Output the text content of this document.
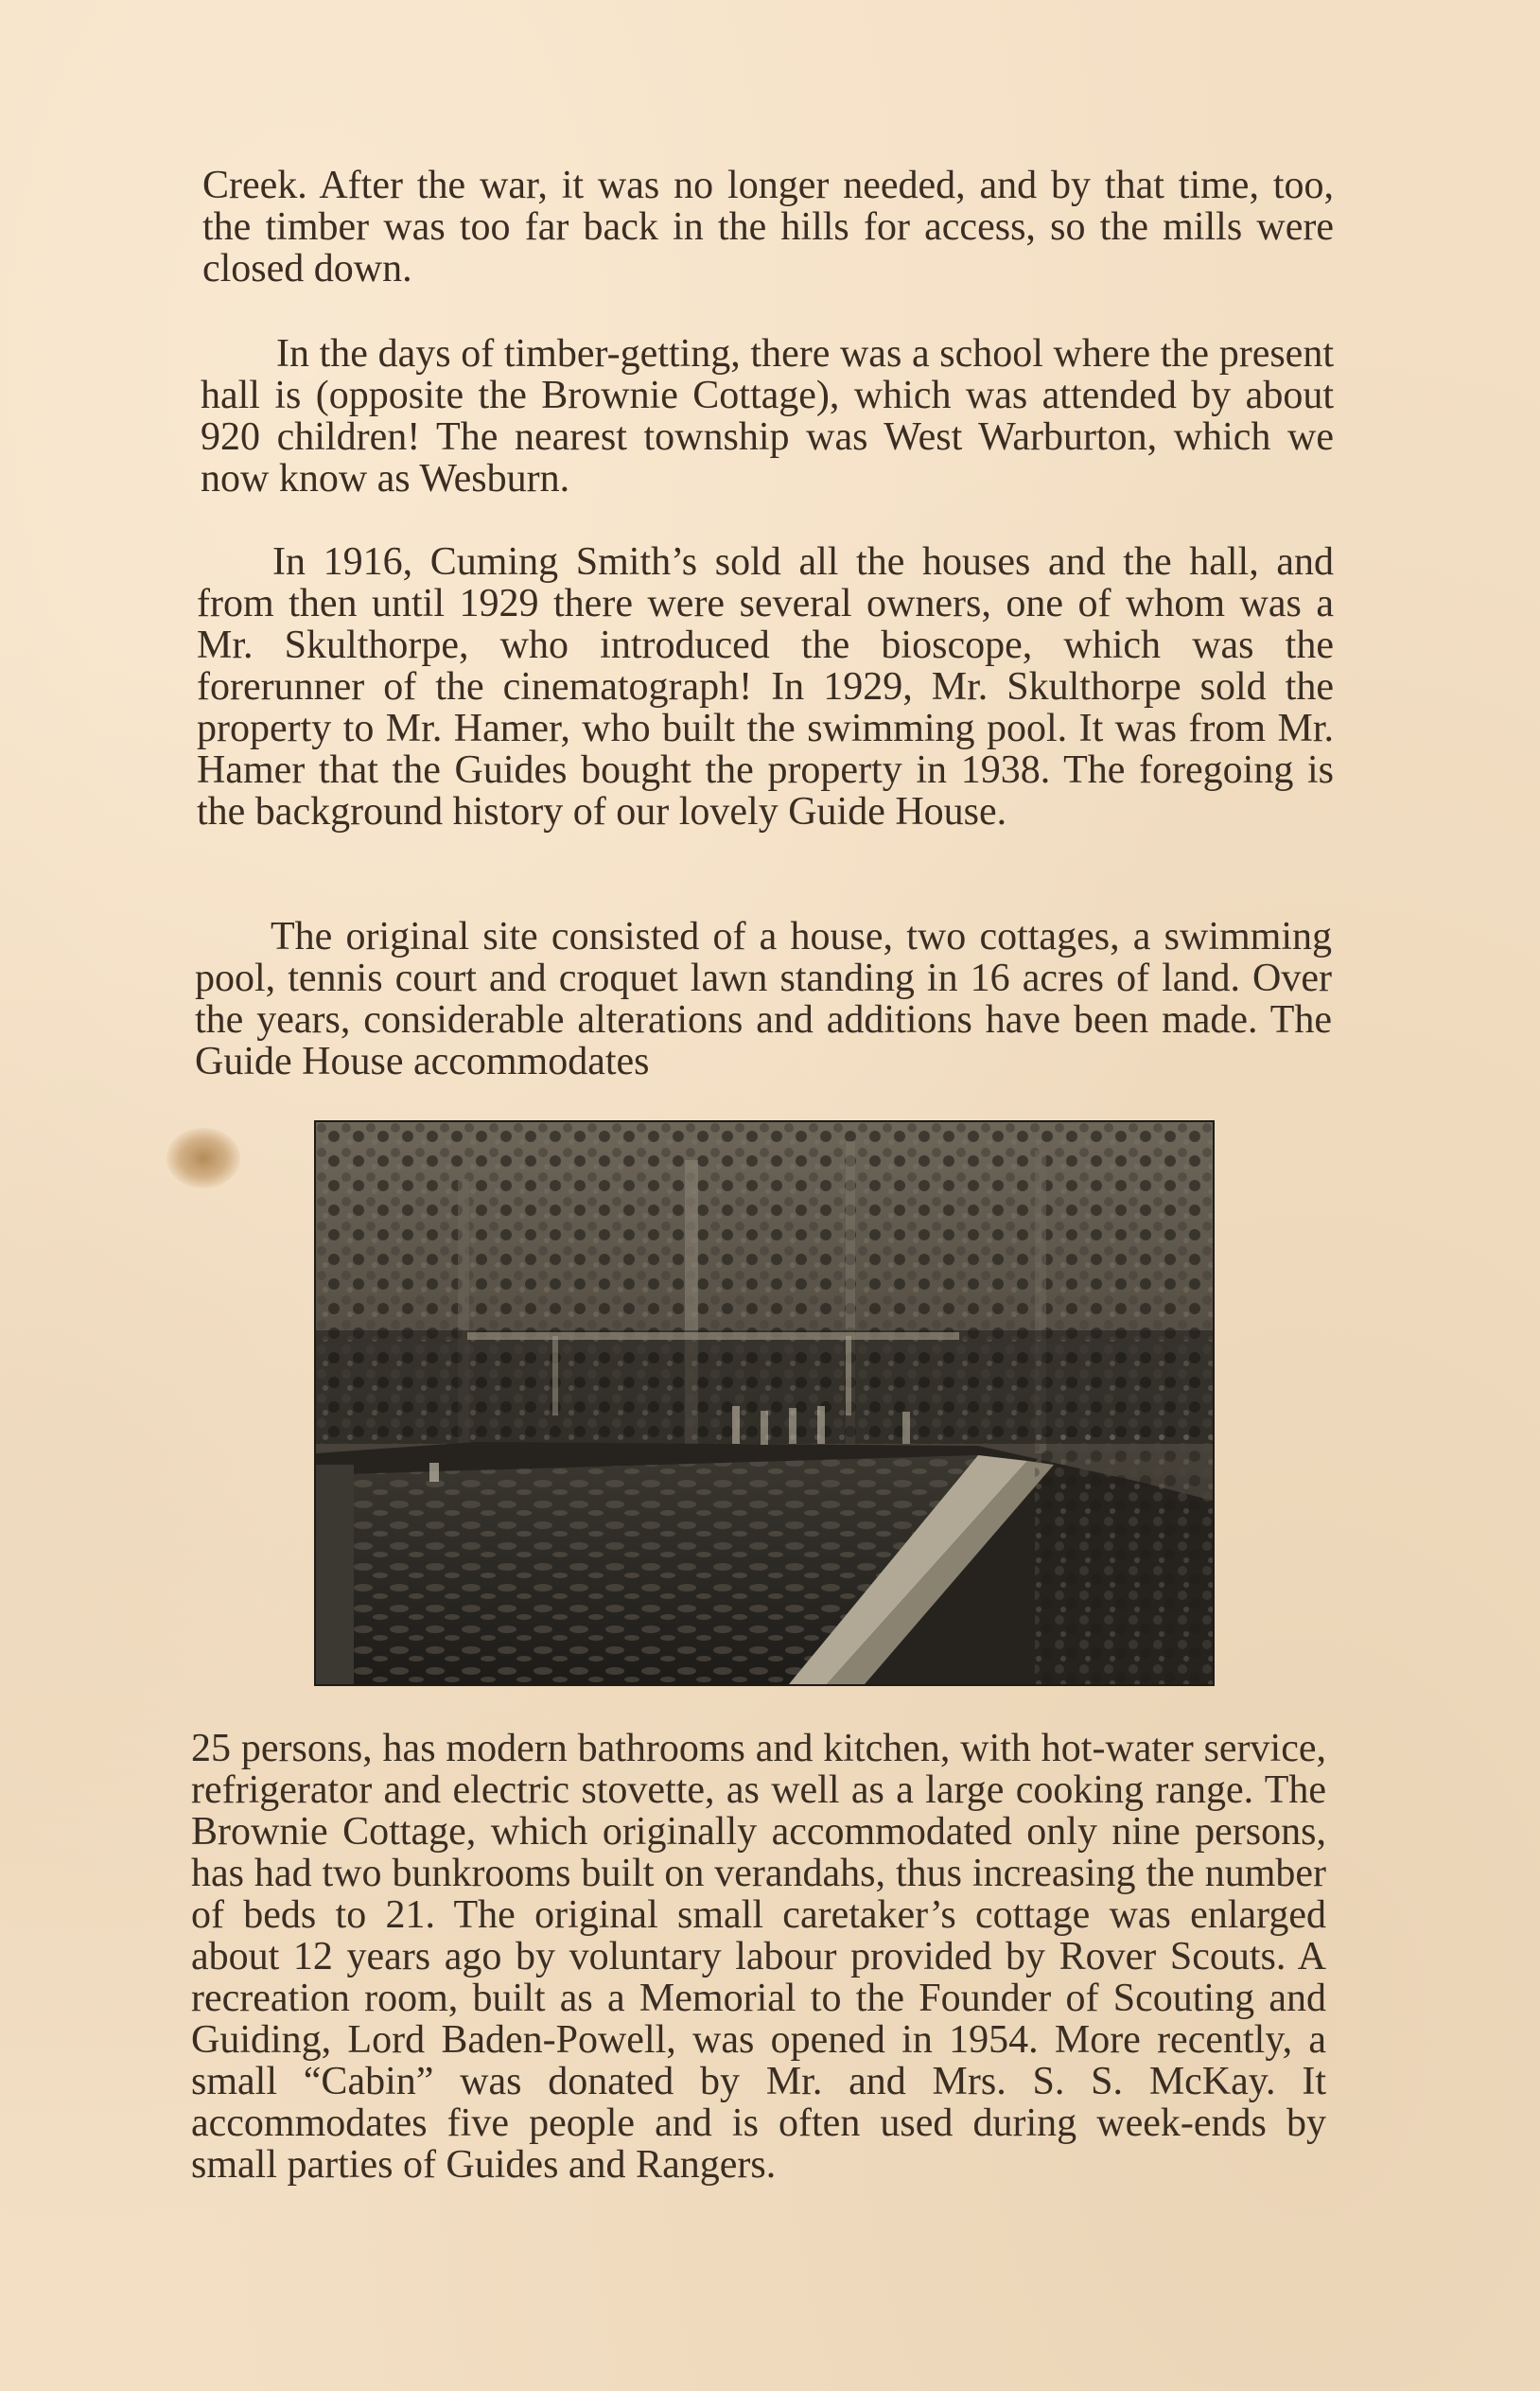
Creek. After the war, it was no longer needed, and by that time, too, the timber was too far back in the hills for access, so the mills were closed down.

In the days of timber-getting, there was a school where the present hall is (opposite the Brownie Cottage), which was attended by about 920 children! The nearest township was West Warburton, which we now know as Wesburn.

In 1916, Cuming Smith’s sold all the houses and the hall, and from then until 1929 there were several owners, one of whom was a Mr. Skulthorpe, who introduced the bioscope, which was the forerunner of the cinematograph! In 1929, Mr. Skulthorpe sold the property to Mr. Hamer, who built the swimming pool. It was from Mr. Hamer that the Guides bought the property in 1938. The foregoing is the background history of our lovely Guide House.

The original site consisted of a house, two cottages, a swimming pool, tennis court and croquet lawn standing in 16 acres of land. Over the years, considerable alterations and additions have been made. The Guide House accommodates

25 persons, has modern bathrooms and kitchen, with hot-water service, refrigerator and electric stovette, as well as a large cooking range. The Brownie Cottage, which originally accommodated only nine persons, has had two bunkrooms built on verandahs, thus increasing the number of beds to 21. The original small caretaker’s cottage was enlarged about 12 years ago by voluntary labour provided by Rover Scouts. A recreation room, built as a Memorial to the Founder of Scouting and Guiding, Lord Baden-Powell, was opened in 1954. More recently, a small “Cabin” was donated by Mr. and Mrs. S. S. McKay. It accommodates five people and is often used during week-ends by small parties of Guides and Rangers.
